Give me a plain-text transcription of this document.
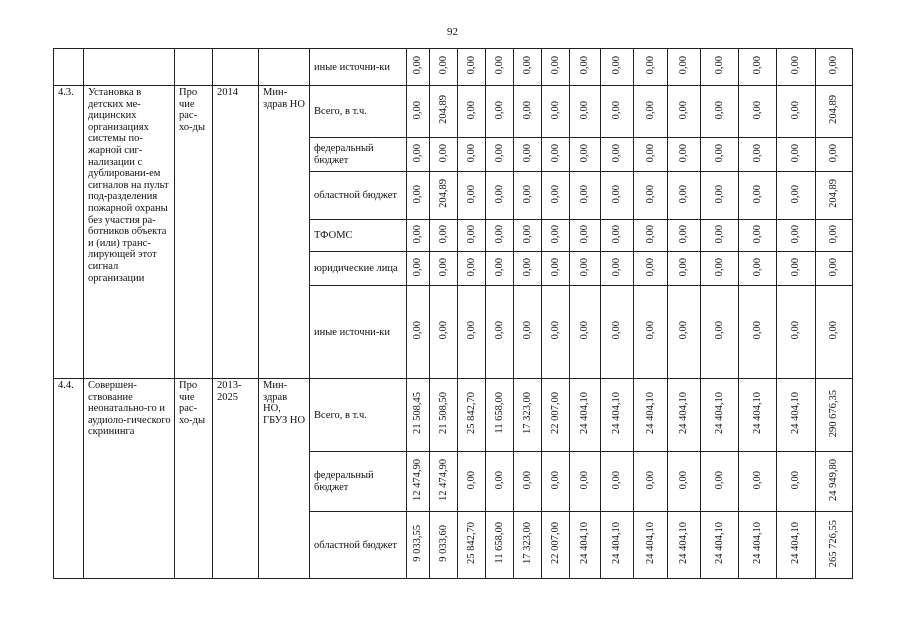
92
					иные источни-ки	0,00	0,00	0,00	0,00	0,00	0,00	0,00	0,00	0,00	0,00	0,00	0,00	0,00	0,00
4.3.	Установка в детских ме-дицинских организациях системы по-жарной сиг-нализации с дублировани-ем сигналов на пульт под-разделения пожарной охраны без участия ра-ботников объекта и (или) транс-лирующей этот сигнал организации	Про чие рас-хо-ды	2014	Мин-здрав НО	Всего, в т.ч.	0,00	204,89	0,00	0,00	0,00	0,00	0,00	0,00	0,00	0,00	0,00	0,00	0,00	204,89
					федеральный бюджет	0,00	0,00	0,00	0,00	0,00	0,00	0,00	0,00	0,00	0,00	0,00	0,00	0,00	0,00
					областной бюджет	0,00	204,89	0,00	0,00	0,00	0,00	0,00	0,00	0,00	0,00	0,00	0,00	0,00	204,89
					ТФОМС	0,00	0,00	0,00	0,00	0,00	0,00	0,00	0,00	0,00	0,00	0,00	0,00	0,00	0,00
					юридические лица	0,00	0,00	0,00	0,00	0,00	0,00	0,00	0,00	0,00	0,00	0,00	0,00	0,00	0,00
					иные источни-ки	0,00	0,00	0,00	0,00	0,00	0,00	0,00	0,00	0,00	0,00	0,00	0,00	0,00	0,00
4.4.	Совершен-ствование неонатально-го и аудиоло-гического скрининга	Про чие рас-хо-ды	2013-2025	Мин-здрав НО, ГБУЗ НО	Всего, в т.ч.	21 508,45	21 508,50	25 842,70	11 658,00	17 323,00	22 007,00	24 404,10	24 404,10	24 404,10	24 404,10	24 404,10	24 404,10	24 404,10	290 676,35
					федеральный бюджет	12 474,90	12 474,90	0,00	0,00	0,00	0,00	0,00	0,00	0,00	0,00	0,00	0,00	0,00	24 949,80
					областной бюджет	9 033,55	9 033,60	25 842,70	11 658,00	17 323,00	22 007,00	24 404,10	24 404,10	24 404,10	24 404,10	24 404,10	24 404,10	24 404,10	265 726,55
